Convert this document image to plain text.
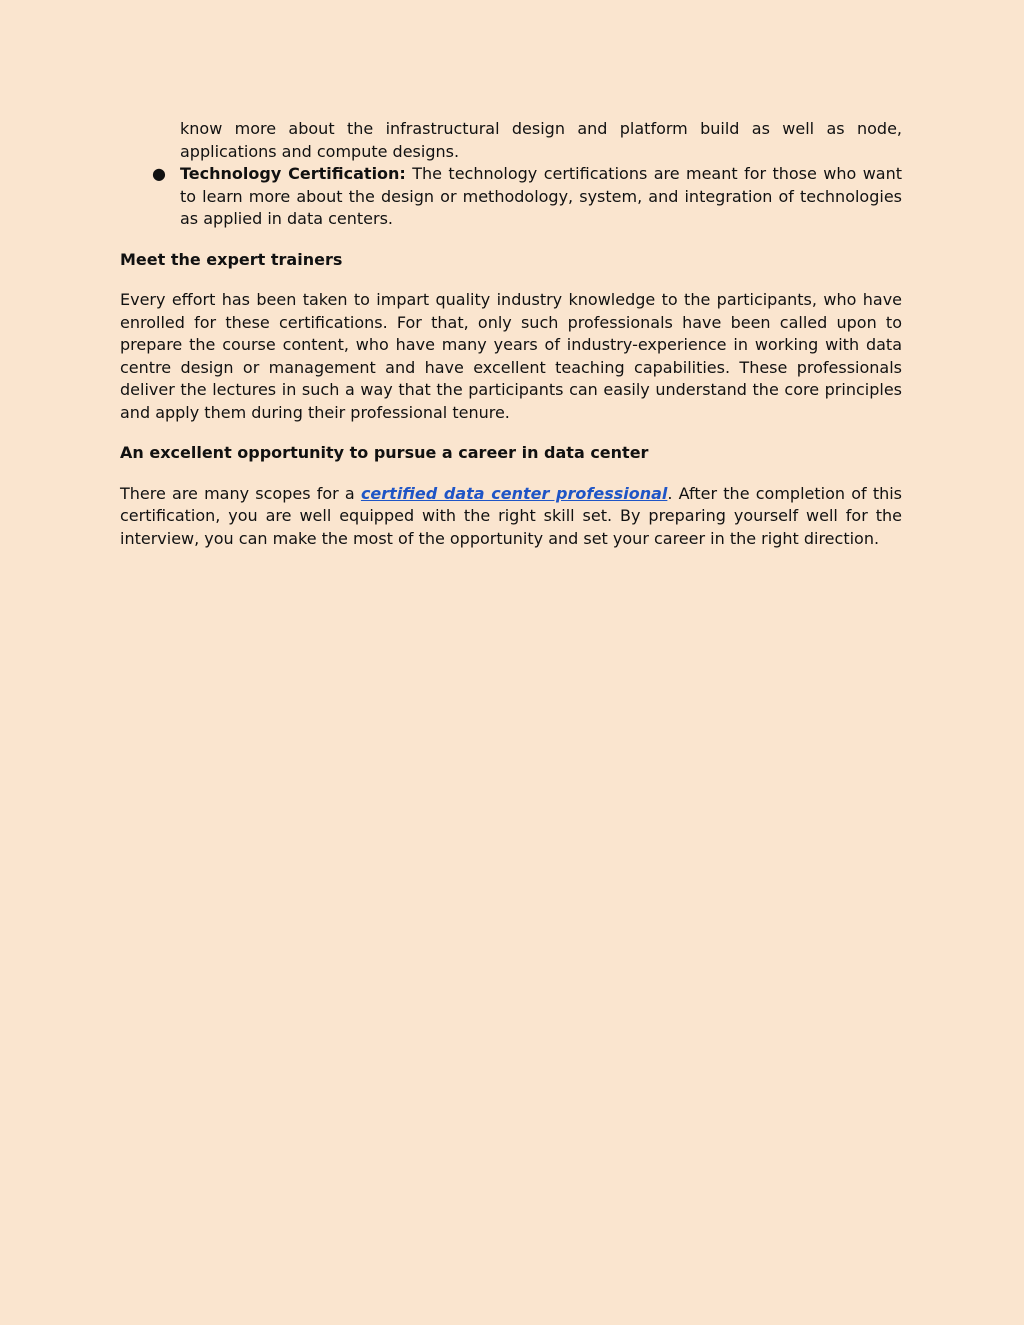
know more about the infrastructural design and platform build as well as node, applications and compute designs.
● Technology Certification: The technology certifications are meant for those who want to learn more about the design or methodology, system, and integration of technologies as applied in data centers.
Meet the expert trainers

Every effort has been taken to impart quality industry knowledge to the participants, who have enrolled for these certifications. For that, only such professionals have been called upon to prepare the course content, who have many years of industry-experience in working with data centre design or management and have excellent teaching capabilities. These professionals deliver the lectures in such a way that the participants can easily understand the core principles and apply them during their professional tenure.

An excellent opportunity to pursue a career in data center

There are many scopes for a certified data center professional. After the completion of this certification, you are well equipped with the right skill set. By preparing yourself well for the interview, you can make the most of the opportunity and set your career in the right direction.
